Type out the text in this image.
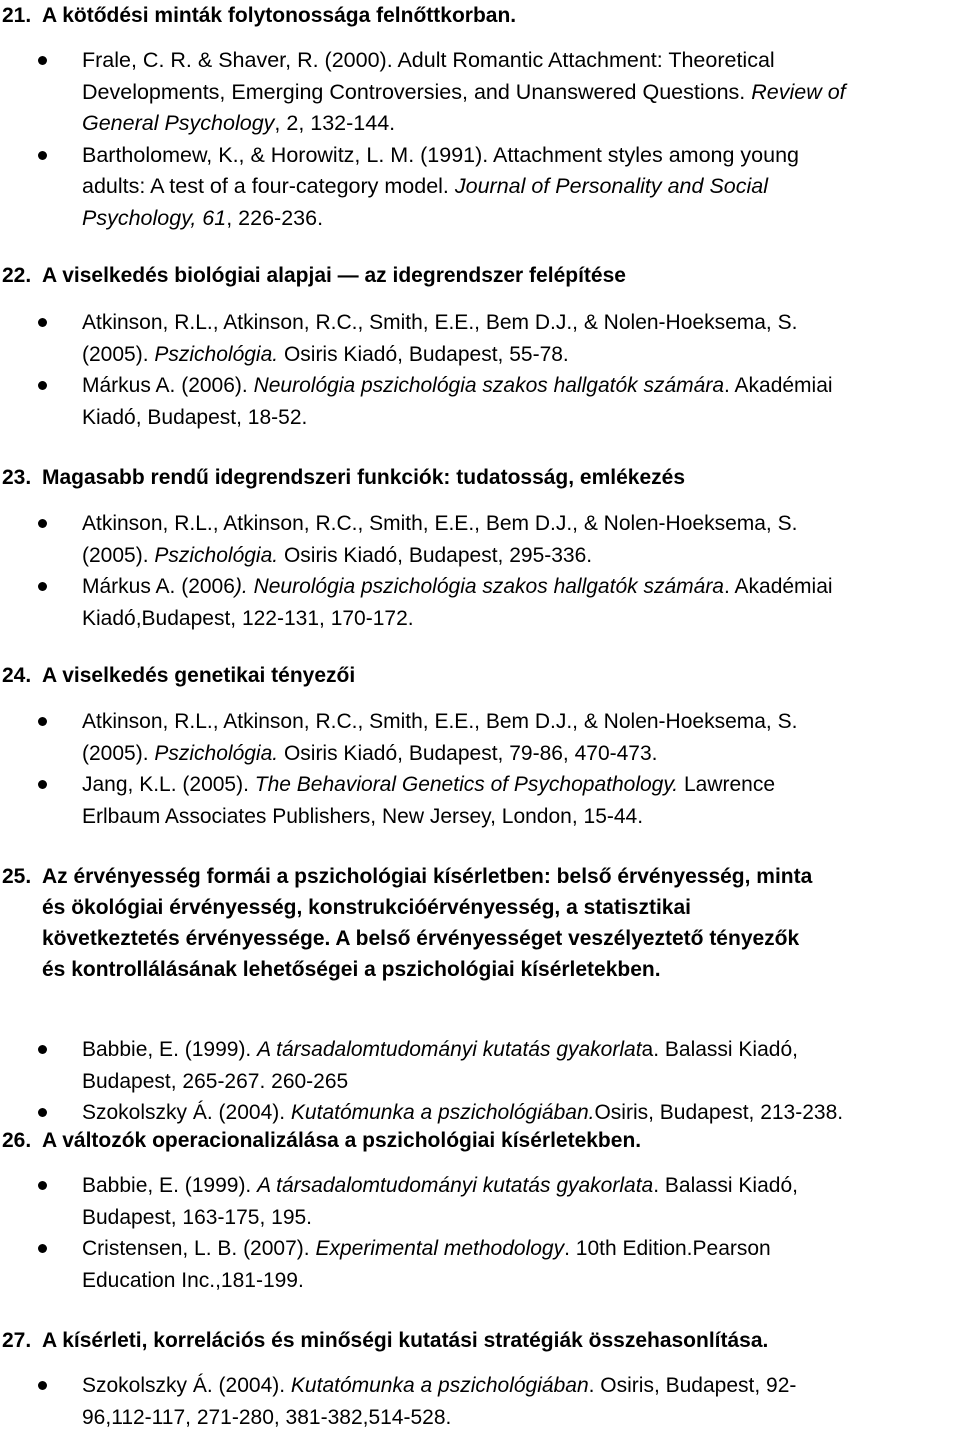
21. A kötődési minták folytonossága felnőttkorban.
Frale, C. R. & Shaver, R. (2000). Adult Romantic Attachment: Theoretical
Developments, Emerging Controversies, and Unanswered Questions. Review of
General Psychology, 2, 132-144.
Bartholomew, K., & Horowitz, L. M. (1991). Attachment styles among young
adults: A test of a four-category model. Journal of Personality and Social
Psychology, 61, 226-236.
22. A viselkedés biológiai alapjai — az idegrendszer felépítése
Atkinson, R.L., Atkinson, R.C., Smith, E.E., Bem D.J., & Nolen-Hoeksema, S.
(2005). Pszichológia. Osiris Kiadó, Budapest, 55-78.
Márkus A. (2006). Neurológia pszichológia szakos hallgatók számára. Akadémiai
Kiadó, Budapest, 18-52.
23. Magasabb rendű idegrendszeri funkciók: tudatosság, emlékezés
Atkinson, R.L., Atkinson, R.C., Smith, E.E., Bem D.J., & Nolen-Hoeksema, S.
(2005). Pszichológia. Osiris Kiadó, Budapest, 295-336.
Márkus A. (2006). Neurológia pszichológia szakos hallgatók számára. Akadémiai
Kiadó,Budapest, 122-131, 170-172.
24. A viselkedés genetikai tényezői
Atkinson, R.L., Atkinson, R.C., Smith, E.E., Bem D.J., & Nolen-Hoeksema, S.
(2005). Pszichológia. Osiris Kiadó, Budapest, 79-86, 470-473.
Jang, K.L. (2005). The Behavioral Genetics of Psychopathology. Lawrence
Erlbaum Associates Publishers, New Jersey, London, 15-44.
25. Az érvényesség formái a pszichológiai kísérletben: belső érvényesség, minta
és ökológiai érvényesség, konstrukcióérvényesség, a statisztikai
következtetés érvényessége. A belső érvényességet veszélyeztető tényezők
és kontrollálásának lehetőségei a pszichológiai kísérletekben.
Babbie, E. (1999). A társadalomtudományi kutatás gyakorlata. Balassi Kiadó,
Budapest, 265-267. 260-265
Szokolszky Á. (2004). Kutatómunka a pszichológiában.Osiris, Budapest, 213-238.
26. A változók operacionalizálása a pszichológiai kísérletekben.
Babbie, E. (1999). A társadalomtudományi kutatás gyakorlata. Balassi Kiadó,
Budapest, 163-175, 195.
Cristensen, L. B. (2007). Experimental methodology. 10th Edition.Pearson
Education Inc.,181-199.
27. A kísérleti, korrelációs és minőségi kutatási stratégiák összehasonlítása.
Szokolszky Á. (2004). Kutatómunka a pszichológiában. Osiris, Budapest, 92-
96,112-117, 271-280, 381-382,514-528.
